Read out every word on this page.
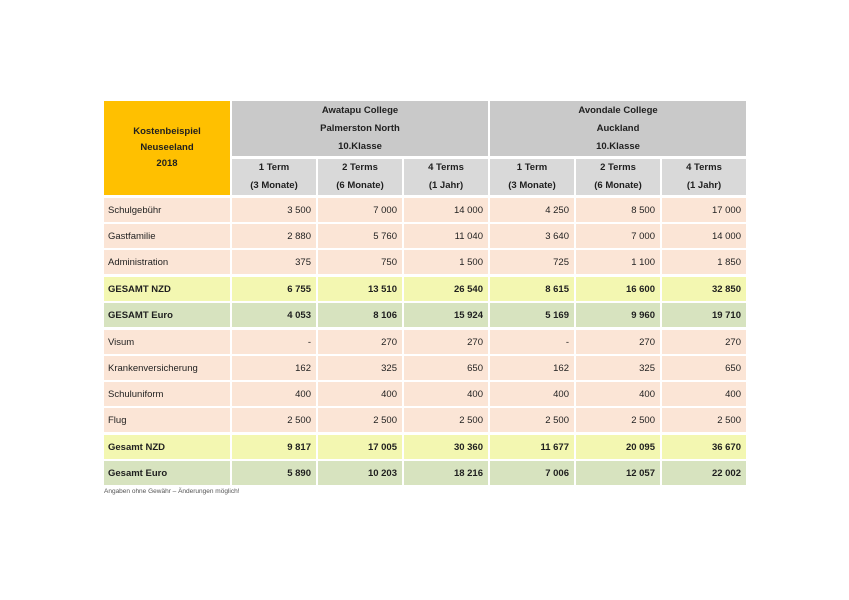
Kostenbeispiel
Neuseeland
2018
Awatapu College
Palmerston North
10.Klasse
Avondale College
Auckland
10.Klasse
1 Term
(3 Monate)
2 Terms
(6 Monate)
4 Terms
(1 Jahr)
1 Term
(3 Monate)
2 Terms
(6 Monate)
4 Terms
(1 Jahr)
Schulgebühr	3 500	7 000	14 000	4 250	8 500	17 000
Gastfamilie	2 880	5 760	11 040	3 640	7 000	14 000
Administration	375	750	1 500	725	1 100	1 850
GESAMT NZD	6 755	13 510	26 540	8 615	16 600	32 850
GESAMT Euro	4 053	8 106	15 924	5 169	9 960	19 710
Visum	-	270	270	-	270	270
Krankenversicherung	162	325	650	162	325	650
Schuluniform	400	400	400	400	400	400
Flug	2 500	2 500	2 500	2 500	2 500	2 500
Gesamt NZD	9 817	17 005	30 360	11 677	20 095	36 670
Gesamt Euro	5 890	10 203	18 216	7 006	12 057	22 002
Angaben ohne Gewähr – Änderungen möglich!
